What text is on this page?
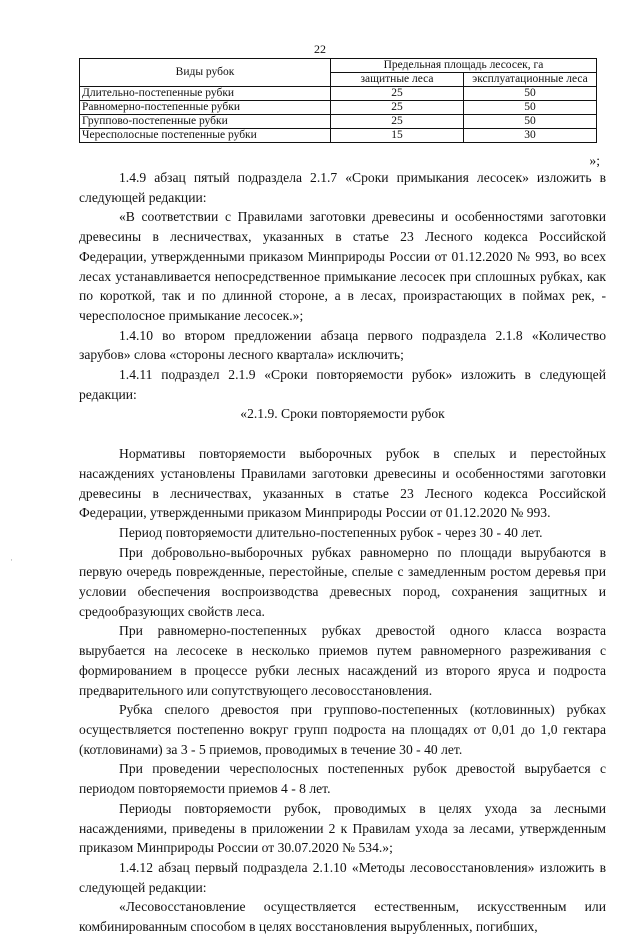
22
Виды рубок	Предельная площадь лесосек, га	
	защитные леса	эксплуатационные леса
Длительно-постепенные рубки	25	50
Равномерно-постепенные рубки	25	50
Группово-постепенные рубки	25	50
Чересполосные постепенные рубки	15	30
»;

1.4.9 абзац пятый подраздела 2.1.7 «Сроки примыкания лесосек» изложить в следующей редакции:

«В соответствии с Правилами заготовки древесины и особенностями заготовки древесины в лесничествах, указанных в статье 23 Лесного кодекса Российской Федерации, утвержденными приказом Минприроды России от 01.12.2020 № 993, во всех лесах устанавливается непосредственное примыкание лесосек при сплошных рубках, как по короткой, так и по длинной стороне, а в лесах, произрастающих в поймах рек, - чересполосное примыкание лесосек.»;

1.4.10 во втором предложении абзаца первого подраздела 2.1.8 «Количество зарубов» слова «стороны лесного квартала» исключить;

1.4.11 подраздел 2.1.9 «Сроки повторяемости рубок» изложить в следующей редакции:

«2.1.9. Сроки повторяемости рубок

Нормативы повторяемости выборочных рубок в спелых и перестойных насаждениях установлены Правилами заготовки древесины и особенностями заготовки древесины в лесничествах, указанных в статье 23 Лесного кодекса Российской Федерации, утвержденными приказом Минприроды России от 01.12.2020 № 993.

Период повторяемости длительно-постепенных рубок - через 30 - 40 лет.

При добровольно-выборочных рубках равномерно по площади вырубаются в первую очередь поврежденные, перестойные, спелые с замедленным ростом деревья при условии обеспечения воспроизводства древесных пород, сохранения защитных и средообразующих свойств леса.

При равномерно-постепенных рубках древостой одного класса возраста вырубается на лесосеке в несколько приемов путем равномерного разреживания с формированием в процессе рубки лесных насаждений из второго яруса и подроста предварительного или сопутствующего лесовосстановления.

Рубка спелого древостоя при группово-постепенных (котловинных) рубках осуществляется постепенно вокруг групп подроста на площадях от 0,01 до 1,0 гектара (котловинами) за 3 - 5 приемов, проводимых в течение 30 - 40 лет.

При проведении чересполосных постепенных рубок древостой вырубается с периодом повторяемости приемов 4 - 8 лет.

Периоды повторяемости рубок, проводимых в целях ухода за лесными насаждениями, приведены в приложении 2 к Правилам ухода за лесами, утвержденным приказом Минприроды России от 30.07.2020 № 534.»;

1.4.12 абзац первый подраздела 2.1.10 «Методы лесовосстановления» изложить в следующей редакции:

«Лесовосстановление осуществляется естественным, искусственным или комбинированным способом в целях восстановления вырубленных, погибших,

·
